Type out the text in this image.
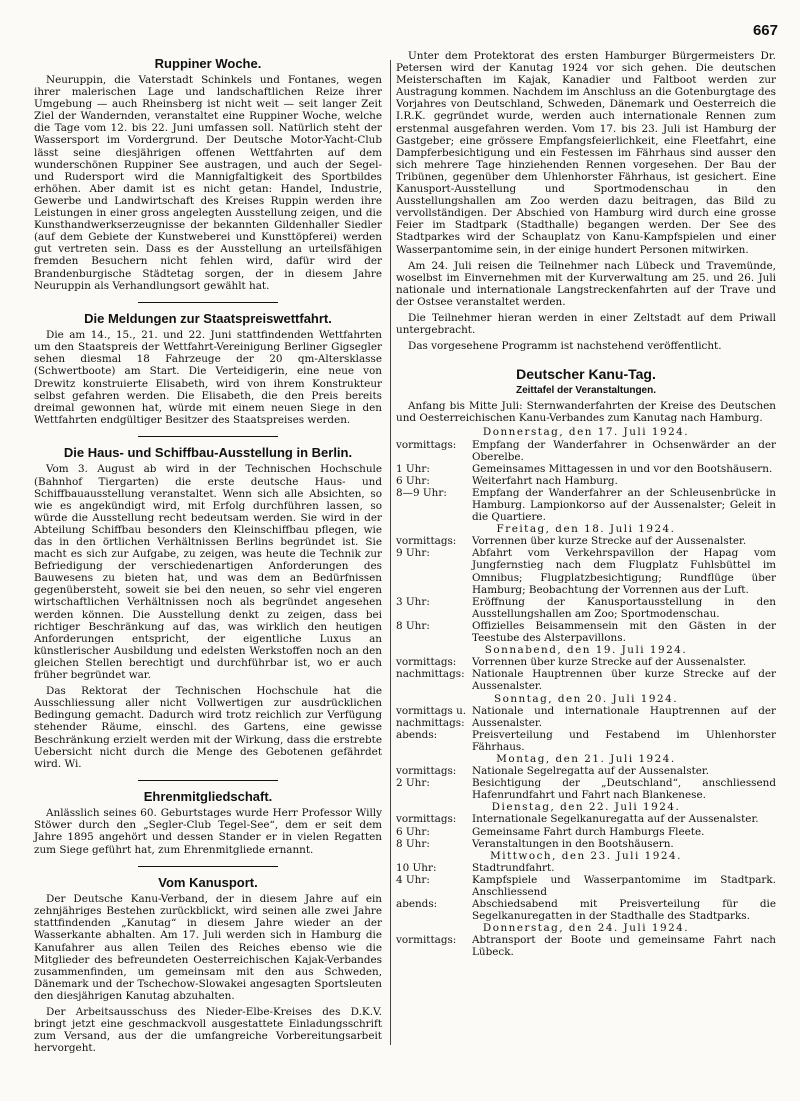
667
Ruppiner Woche.

Neuruppin, die Vaterstadt Schinkels und Fontanes, wegen ihrer malerischen Lage und landschaftlichen Reize ihrer Umgebung — auch Rheinsberg ist nicht weit — seit langer Zeit Ziel der Wandernden, veranstaltet eine Ruppiner Woche, welche die Tage vom 12. bis 22. Juni umfassen soll. Natürlich steht der Wassersport im Vordergrund. Der Deutsche Motor-Yacht-Club lässt seine diesjährigen offenen Wettfahrten auf dem wunderschönen Ruppiner See austragen, und auch der Segel- und Rudersport wird die Mannigfaltigkeit des Sportbildes erhöhen. Aber damit ist es nicht getan: Handel, Industrie, Gewerbe und Landwirtschaft des Kreises Ruppin werden ihre Leistungen in einer gross angelegten Ausstellung zeigen, und die Kunsthandwerkserzeugnisse der bekannten Gildenhaller Siedler (auf dem Gebiete der Kunstweberei und Kunsttöpferei) werden gut vertreten sein. Dass es der Ausstellung an urteilsfähigen fremden Besuchern nicht fehlen wird, dafür wird der Brandenburgische Städtetag sorgen, der in diesem Jahre Neuruppin als Verhandlungsort gewählt hat.

Die Meldungen zur Staatspreiswettfahrt.

Die am 14., 15., 21. und 22. Juni stattfindenden Wettfahrten um den Staatspreis der Wettfahrt-Vereinigung Berliner Gigsegler sehen diesmal 18 Fahrzeuge der 20 qm-Altersklasse (Schwertboote) am Start. Die Verteidigerin, eine neue von Drewitz konstruierte Elisabeth, wird von ihrem Konstrukteur selbst gefahren werden. Die Elisabeth, die den Preis bereits dreimal gewonnen hat, würde mit einem neuen Siege in den Wettfahrten endgültiger Besitzer des Staatspreises werden.

Die Haus- und Schiffbau-Ausstellung in Berlin.

Vom 3. August ab wird in der Technischen Hochschule (Bahnhof Tiergarten) die erste deutsche Haus- und Schiffbauausstellung veranstaltet. Wenn sich alle Absichten, so wie es angekündigt wird, mit Erfolg durchführen lassen, so würde die Ausstellung recht bedeutsam werden. Sie wird in der Abteilung Schiffbau besonders den Kleinschiffbau pflegen, wie das in den örtlichen Verhältnissen Berlins begründet ist. Sie macht es sich zur Aufgabe, zu zeigen, was heute die Technik zur Befriedigung der verschiedenartigen Anforderungen des Bauwesens zu bieten hat, und was dem an Bedürfnissen gegenübersteht, soweit sie bei den neuen, so sehr viel engeren wirtschaftlichen Verhältnissen noch als begründet angesehen werden können. Die Ausstellung denkt zu zeigen, dass bei richtiger Beschränkung auf das, was wirklich den heutigen Anforderungen entspricht, der eigentliche Luxus an künstlerischer Ausbildung und edelsten Werkstoffen noch an den gleichen Stellen berechtigt und durchführbar ist, wo er auch früher begründet war.

Das Rektorat der Technischen Hochschule hat die Ausschliessung aller nicht Vollwertigen zur ausdrücklichen Bedingung gemacht. Dadurch wird trotz reichlich zur Verfügung stehender Räume, einschl. des Gartens, eine gewisse Beschränkung erzielt werden mit der Wirkung, dass die erstrebte Uebersicht nicht durch die Menge des Gebotenen gefährdet wird. Wi.

Ehrenmitgliedschaft.

Anlässlich seines 60. Geburtstages wurde Herr Professor Willy Stöwer durch den „Segler-Club Tegel-See“, dem er seit dem Jahre 1895 angehört und dessen Stander er in vielen Regatten zum Siege geführt hat, zum Ehrenmitgliede ernannt.

Vom Kanusport.

Der Deutsche Kanu-Verband, der in diesem Jahre auf ein zehnjähriges Bestehen zurückblickt, wird seinen alle zwei Jahre stattfindenden „Kanutag“ in diesem Jahre wieder an der Wasserkante abhalten. Am 17. Juli werden sich in Hamburg die Kanufahrer aus allen Teilen des Reiches ebenso wie die Mitglieder des befreundeten Oesterreichischen Kajak-Verbandes zusammenfinden, um gemeinsam mit den aus Schweden, Dänemark und der Tschechow-Slowakei angesagten Sportsleuten den diesjährigen Kanutag abzuhalten.

Der Arbeitsausschuss des Nieder-Elbe-Kreises des D.K.V. bringt jetzt eine geschmackvoll ausgestattete Einladungsschrift zum Versand, aus der die umfangreiche Vorbereitungsarbeit hervorgeht.

Unter dem Protektorat des ersten Hamburger Bürgermeisters Dr. Petersen wird der Kanutag 1924 vor sich gehen. Die deutschen Meisterschaften im Kajak, Kanadier und Faltboot werden zur Austragung kommen. Nachdem im Anschluss an die Gotenburgtage des Vorjahres von Deutschland, Schweden, Dänemark und Oesterreich die I.R.K. gegründet wurde, werden auch internationale Rennen zum erstenmal ausgefahren werden. Vom 17. bis 23. Juli ist Hamburg der Gastgeber; eine grössere Empfangsfeierlichkeit, eine Fleetfahrt, eine Dampferbesichtigung und ein Festessen im Fährhaus sind ausser den sich mehrere Tage hinziehenden Rennen vorgesehen. Der Bau der Tribünen, gegenüber dem Uhlenhorster Fährhaus, ist gesichert. Eine Kanusport-Ausstellung und Sportmodenschau in den Ausstellungshallen am Zoo werden dazu beitragen, das Bild zu vervollständigen. Der Abschied von Hamburg wird durch eine grosse Feier im Stadtpark (Stadthalle) begangen werden. Der See des Stadtparkes wird der Schauplatz von Kanu-Kampfspielen und einer Wasserpantomime sein, in der einige hundert Personen mitwirken.

Am 24. Juli reisen die Teilnehmer nach Lübeck und Travemünde, woselbst im Einvernehmen mit der Kurverwaltung am 25. und 26. Juli nationale und internationale Langstreckenfahrten auf der Trave und der Ostsee veranstaltet werden.

Die Teilnehmer hieran werden in einer Zeltstadt auf dem Priwall untergebracht.

Das vorgesehene Programm ist nachstehend veröffentlicht.

Deutscher Kanu-Tag.
Zeittafel der Veranstaltungen.
Anfang bis Mitte Juli: Sternwanderfahrten der Kreise des Deutschen und Oesterreichischen Kanu-Verbandes zum Kanutag nach Hamburg.
Donnerstag, den 17. Juli 1924.
vormittags:	Empfang der Wanderfahrer in Ochsenwärder an der Oberelbe.
1 Uhr:	Gemeinsames Mittagessen in und vor den Bootshäusern.
6 Uhr:	Weiterfahrt nach Hamburg.
8—9 Uhr:	Empfang der Wanderfahrer an der Schleusenbrücke in Hamburg. Lampionkorso auf der Aussenalster; Geleit in die Quartiere.
Freitag, den 18. Juli 1924.
vormittags:	Vorrennen über kurze Strecke auf der Aussenalster.
9 Uhr:	Abfahrt vom Verkehrspavillon der Hapag vom Jungfernstieg nach dem Flugplatz Fuhlsbüttel im Omnibus; Flugplatzbesichtigung; Rundflüge über Hamburg; Beobachtung der Vorrennen aus der Luft.
3 Uhr:	Eröffnung der Kanusportausstellung in den Ausstellungshallen am Zoo; Sportmodenschau.
8 Uhr:	Offizielles Beisammensein mit den Gästen in der Teestube des Alsterpavillons.
Sonnabend, den 19. Juli 1924.
vormittags:	Vorrennen über kurze Strecke auf der Aussenalster.
nachmittags: Nationale Hauptrennen über kurze Strecke auf der Aussenalster.
Sonntag, den 20. Juli 1924.
vormittags u. nachmittags:
Nationale und internationale Hauptrennen auf der Aussenalster.
abends:	Preisverteilung und Festabend im Uhlenhorster Fährhaus.
Montag, den 21. Juli 1924.
vormittags:	Nationale Segelregatta auf der Aussenalster.
2 Uhr:	Besichtigung der „Deutschland“, anschliessend Hafenrundfahrt und Fahrt nach Blankenese.
Dienstag, den 22. Juli 1924.
vormittags:	Internationale Segelkanuregatta auf der Aussenalster.
6 Uhr:	Gemeinsame Fahrt durch Hamburgs Fleete.
8 Uhr:	Veranstaltungen in den Bootshäusern.
Mittwoch, den 23. Juli 1924.
10 Uhr:	Stadtrundfahrt.
4 Uhr:	Kampfspiele und Wasserpantomime im Stadtpark. Anschliessend
abends:	Abschiedsabend mit Preisverteilung für die Segelkanuregatten in der Stadthalle des Stadtparks.
Donnerstag, den 24. Juli 1924.
vormittags:	Abtransport der Boote und gemeinsame Fahrt nach Lübeck.
